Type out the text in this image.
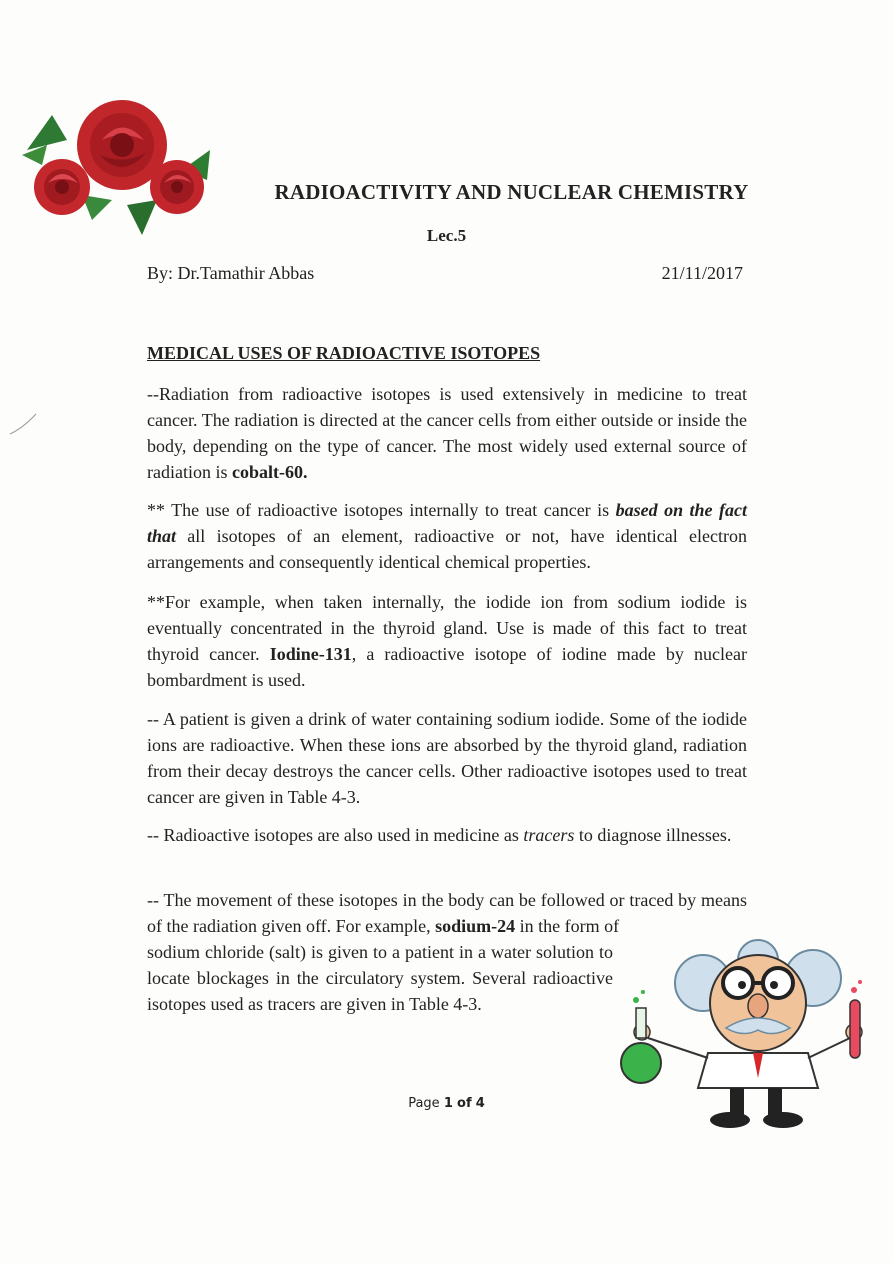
RADIOACTIVITY AND NUCLEAR CHEMISTRY
Lec.5
By: Dr.Tamathir Abbas	21/11/2017
MEDICAL USES OF RADIOACTIVE ISOTOPES

--Radiation from radioactive isotopes is used extensively in medicine to treat cancer. The radiation is directed at the cancer cells from either outside or inside the body, depending on the type of cancer. The most widely used external source of radiation is cobalt-60.

** The use of radioactive isotopes internally to treat cancer is based on the fact that all isotopes of an element, radioactive or not, have identical electron arrangements and consequently identical chemical properties.

**For example, when taken internally, the iodide ion from sodium iodide is eventually concentrated in the thyroid gland. Use is made of this fact to treat thyroid cancer. Iodine-131, a radioactive isotope of iodine made by nuclear bombardment is used.

-- A patient is given a drink of water containing sodium iodide. Some of the iodide ions are radioactive. When these ions are absorbed by the thyroid gland, radiation from their decay destroys the cancer cells. Other radioactive isotopes used to treat cancer are given in Table 4-3.

-- Radioactive isotopes are also used in medicine as tracers to diagnose illnesses.

-- The movement of these isotopes in the body can be followed or traced by means of the radiation given off. For example, sodium-24 in the form of
sodium chloride (salt) is given to a patient in a water solution to locate blockages in the circulatory system. Several radioactive isotopes used as tracers are given in Table 4-3.

Page 1 of 4
